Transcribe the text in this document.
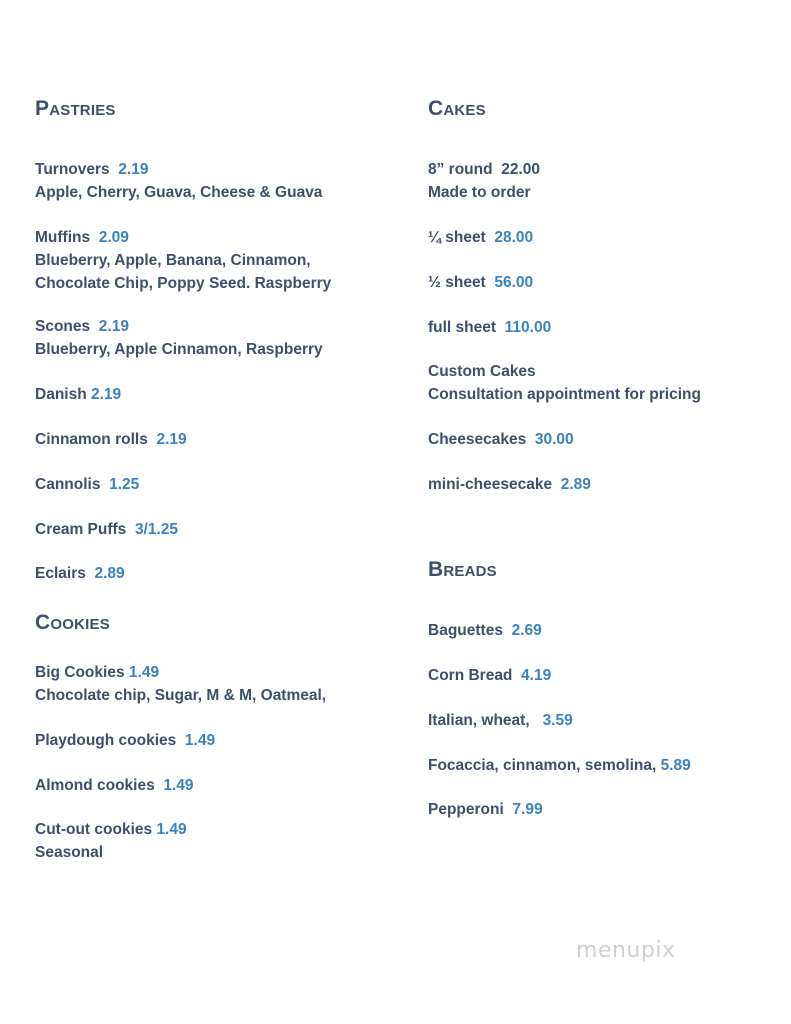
Pastries
Turnovers 2.19
Apple, Cherry, Guava, Cheese & Guava
Muffins 2.09
Blueberry, Apple, Banana, Cinnamon,
Chocolate Chip, Poppy Seed. Raspberry
Scones 2.19
Blueberry, Apple Cinnamon, Raspberry
Danish 2.19
Cinnamon rolls 2.19
Cannolis 1.25
Cream Puffs 3/1.25
Eclairs 2.89
Cookies
Big Cookies 1.49
Chocolate chip, Sugar, M & M, Oatmeal,
Playdough cookies 1.49
Almond cookies 1.49
Cut-out cookies 1.49
Seasonal
Cakes
8” round 22.00
Made to order
¼ sheet 28.00
½ sheet 56.00
full sheet 110.00
Custom Cakes
Consultation appointment for pricing
Cheesecakes 30.00
mini-cheesecake 2.89
Breads
Baguettes 2.69
Corn Bread 4.19
Italian, wheat, 3.59
Focaccia, cinnamon, semolina, 5.89
Pepperoni 7.99
menupix
